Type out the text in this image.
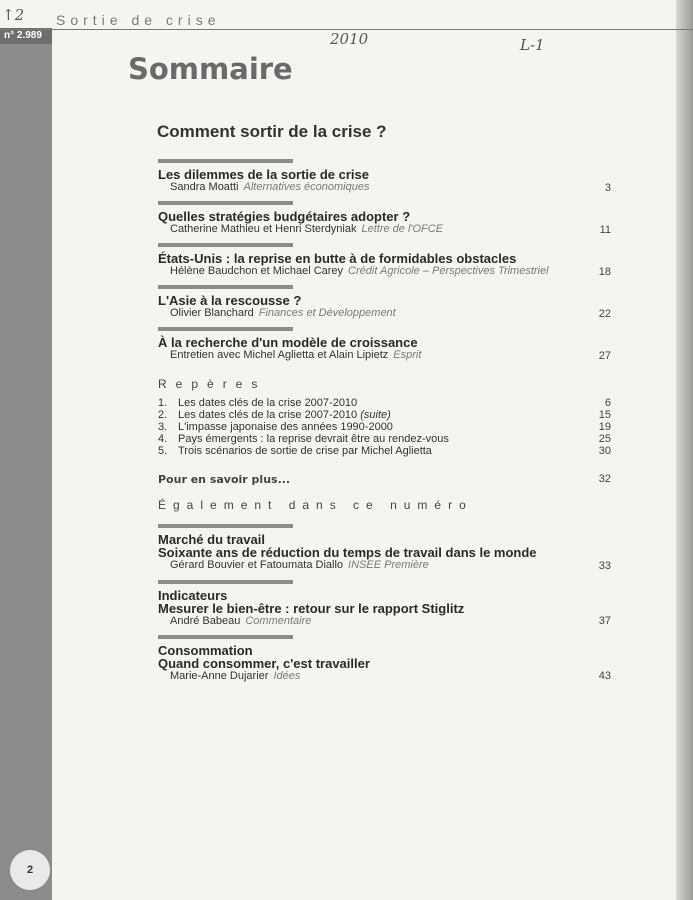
Sortie de crise
n° 2.989
↑2
2010	L-1
Sommaire
Comment sortir de la crise ?
Les dilemmes de la sortie de crise
Sandra Moatti Alternatives économiques	3
Quelles stratégies budgétaires adopter ?
Catherine Mathieu et Henri Sterdyniak Lettre de l'OFCE	11
États-Unis : la reprise en butte à de formidables obstacles
Hélène Baudchon et Michael Carey Crédit Agricole – Perspectives Trimestriel	18
L'Asie à la rescousse ?
Olivier Blanchard Finances et Développement	22
À la recherche d'un modèle de croissance
Entretien avec Michel Aglietta et Alain Lipietz Esprit	27
Repères
1. Les dates clés de la crise 2007-2010	6
2. Les dates clés de la crise 2007-2010 (suite)	15
3. L'impasse japonaise des années 1990-2000	19
4. Pays émergents : la reprise devrait être au rendez-vous	25
5. Trois scénarios de sortie de crise par Michel Aglietta	30
Pour en savoir plus...	32
Également dans ce numéro
Marché du travail
Soixante ans de réduction du temps de travail dans le monde
Gérard Bouvier et Fatoumata Diallo INSEE Première	33
Indicateurs
Mesurer le bien-être : retour sur le rapport Stiglitz
André Babeau Commentaire	37
Consommation
Quand consommer, c'est travailler
Marie-Anne Dujarier Idées	43
2
